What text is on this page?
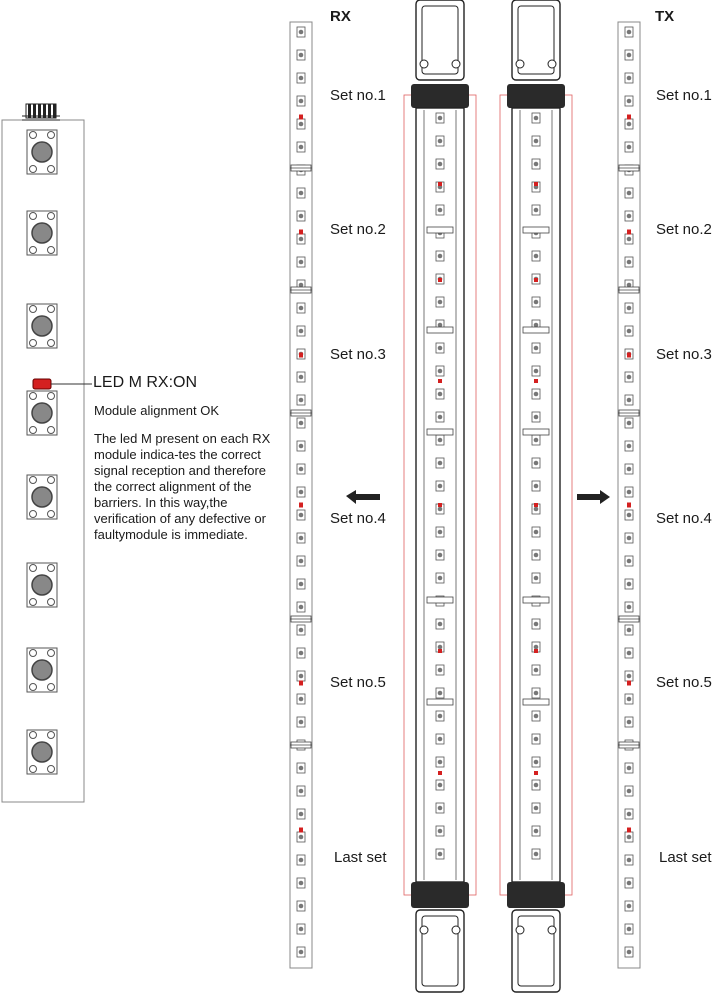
RX	TX
Set no.1
Set no.2
Set no.3
Set no.4
Set no.5
Last set
Set no.1
Set no.2
Set no.3
Set no.4
Set no.5
Last set
LED M RX:ON
Module alignment OK
The led M present on each RX module indica-tes the correct signal reception and therefore the correct alignment of the barriers. In this way,the verification of any defective or faultymodule is immediate.
